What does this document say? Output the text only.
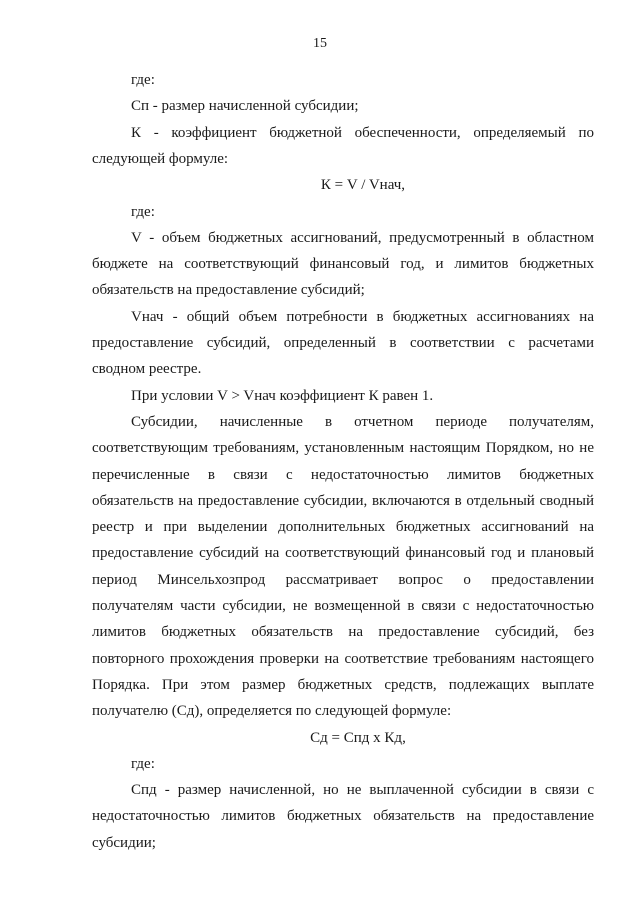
15
где:
Сп - размер начисленной субсидии;
К - коэффициент бюджетной обеспеченности, определяемый по
следующей формуле:
К = V / Vнач,
где:
V - объем бюджетных ассигнований, предусмотренный в областном
бюджете на соответствующий финансовый год, и лимитов бюджетных
обязательств на предоставление субсидий;
Vнач - общий объем потребности в бюджетных ассигнованиях на
предоставление субсидий, определенный в соответствии с расчетами
сводном реестре.
При условии V > Vнач коэффициент К равен 1.
Субсидии, начисленные в отчетном периоде получателям,
соответствующим требованиям, установленным настоящим Порядком, но не
перечисленные в связи с недостаточностью лимитов бюджетных
обязательств на предоставление субсидии, включаются в отдельный сводный
реестр и при выделении дополнительных бюджетных ассигнований на
предоставление субсидий на соответствующий финансовый год и плановый
период Минсельхозпрод рассматривает вопрос о предоставлении
получателям части субсидии, не возмещенной в связи с недостаточностью
лимитов бюджетных обязательств на предоставление субсидий, без
повторного прохождения проверки на соответствие требованиям настоящего
Порядка. При этом размер бюджетных средств, подлежащих выплате
получателю (Сд), определяется по следующей формуле:
Сд = Спд х Кд,
где:
Спд - размер начисленной, но не выплаченной субсидии в связи с
недостаточностью лимитов бюджетных обязательств на предоставление
субсидии;
